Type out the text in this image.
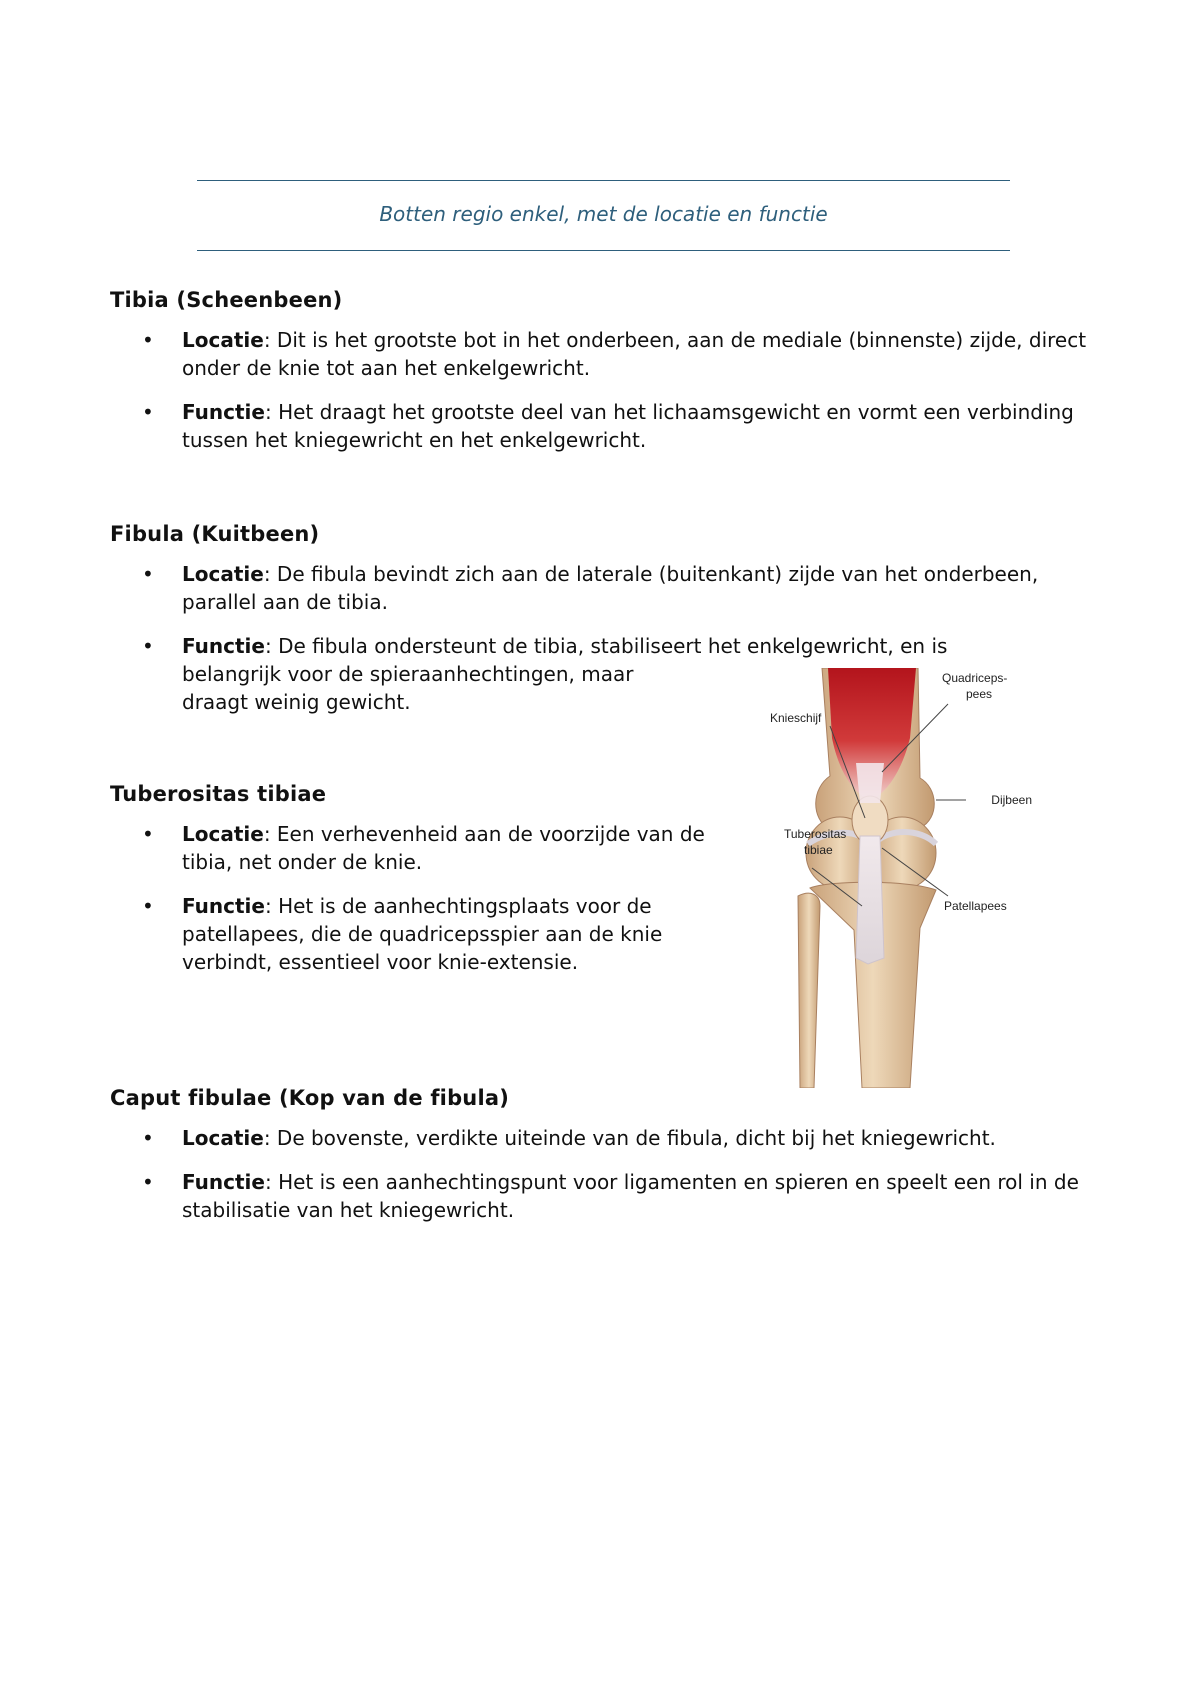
Botten regio enkel, met de locatie en functie
Tibia (Scheenbeen)
• Locatie: Dit is het grootste bot in het onderbeen, aan de mediale (binnenste) zijde, direct onder de knie tot aan het enkelgewricht.
• Functie: Het draagt het grootste deel van het lichaamsgewicht en vormt een verbinding tussen het kniegewricht en het enkelgewricht.
Fibula (Kuitbeen)
• Locatie: De fibula bevindt zich aan de laterale (buitenkant) zijde van het onderbeen, parallel aan de tibia.
• Functie: De fibula ondersteunt de tibia, stabiliseert het enkelgewricht, en is
belangrijk voor de spieraanhechtingen, maar draagt weinig gewicht.
Tuberositas tibiae
• Locatie: Een verhevenheid aan de voorzijde van de tibia, net onder de knie.
• Functie: Het is de aanhechtingsplaats voor de patellapees, die de quadricepsspier aan de knie verbindt, essentieel voor knie-extensie.
Quadriceps-
pees
Knieschijf
Dijbeen
Tuberositas
tibiae
Patellapees
Caput fibulae (Kop van de fibula)
• Locatie: De bovenste, verdikte uiteinde van de fibula, dicht bij het kniegewricht.
• Functie: Het is een aanhechtingspunt voor ligamenten en spieren en speelt een rol in de stabilisatie van het kniegewricht.
